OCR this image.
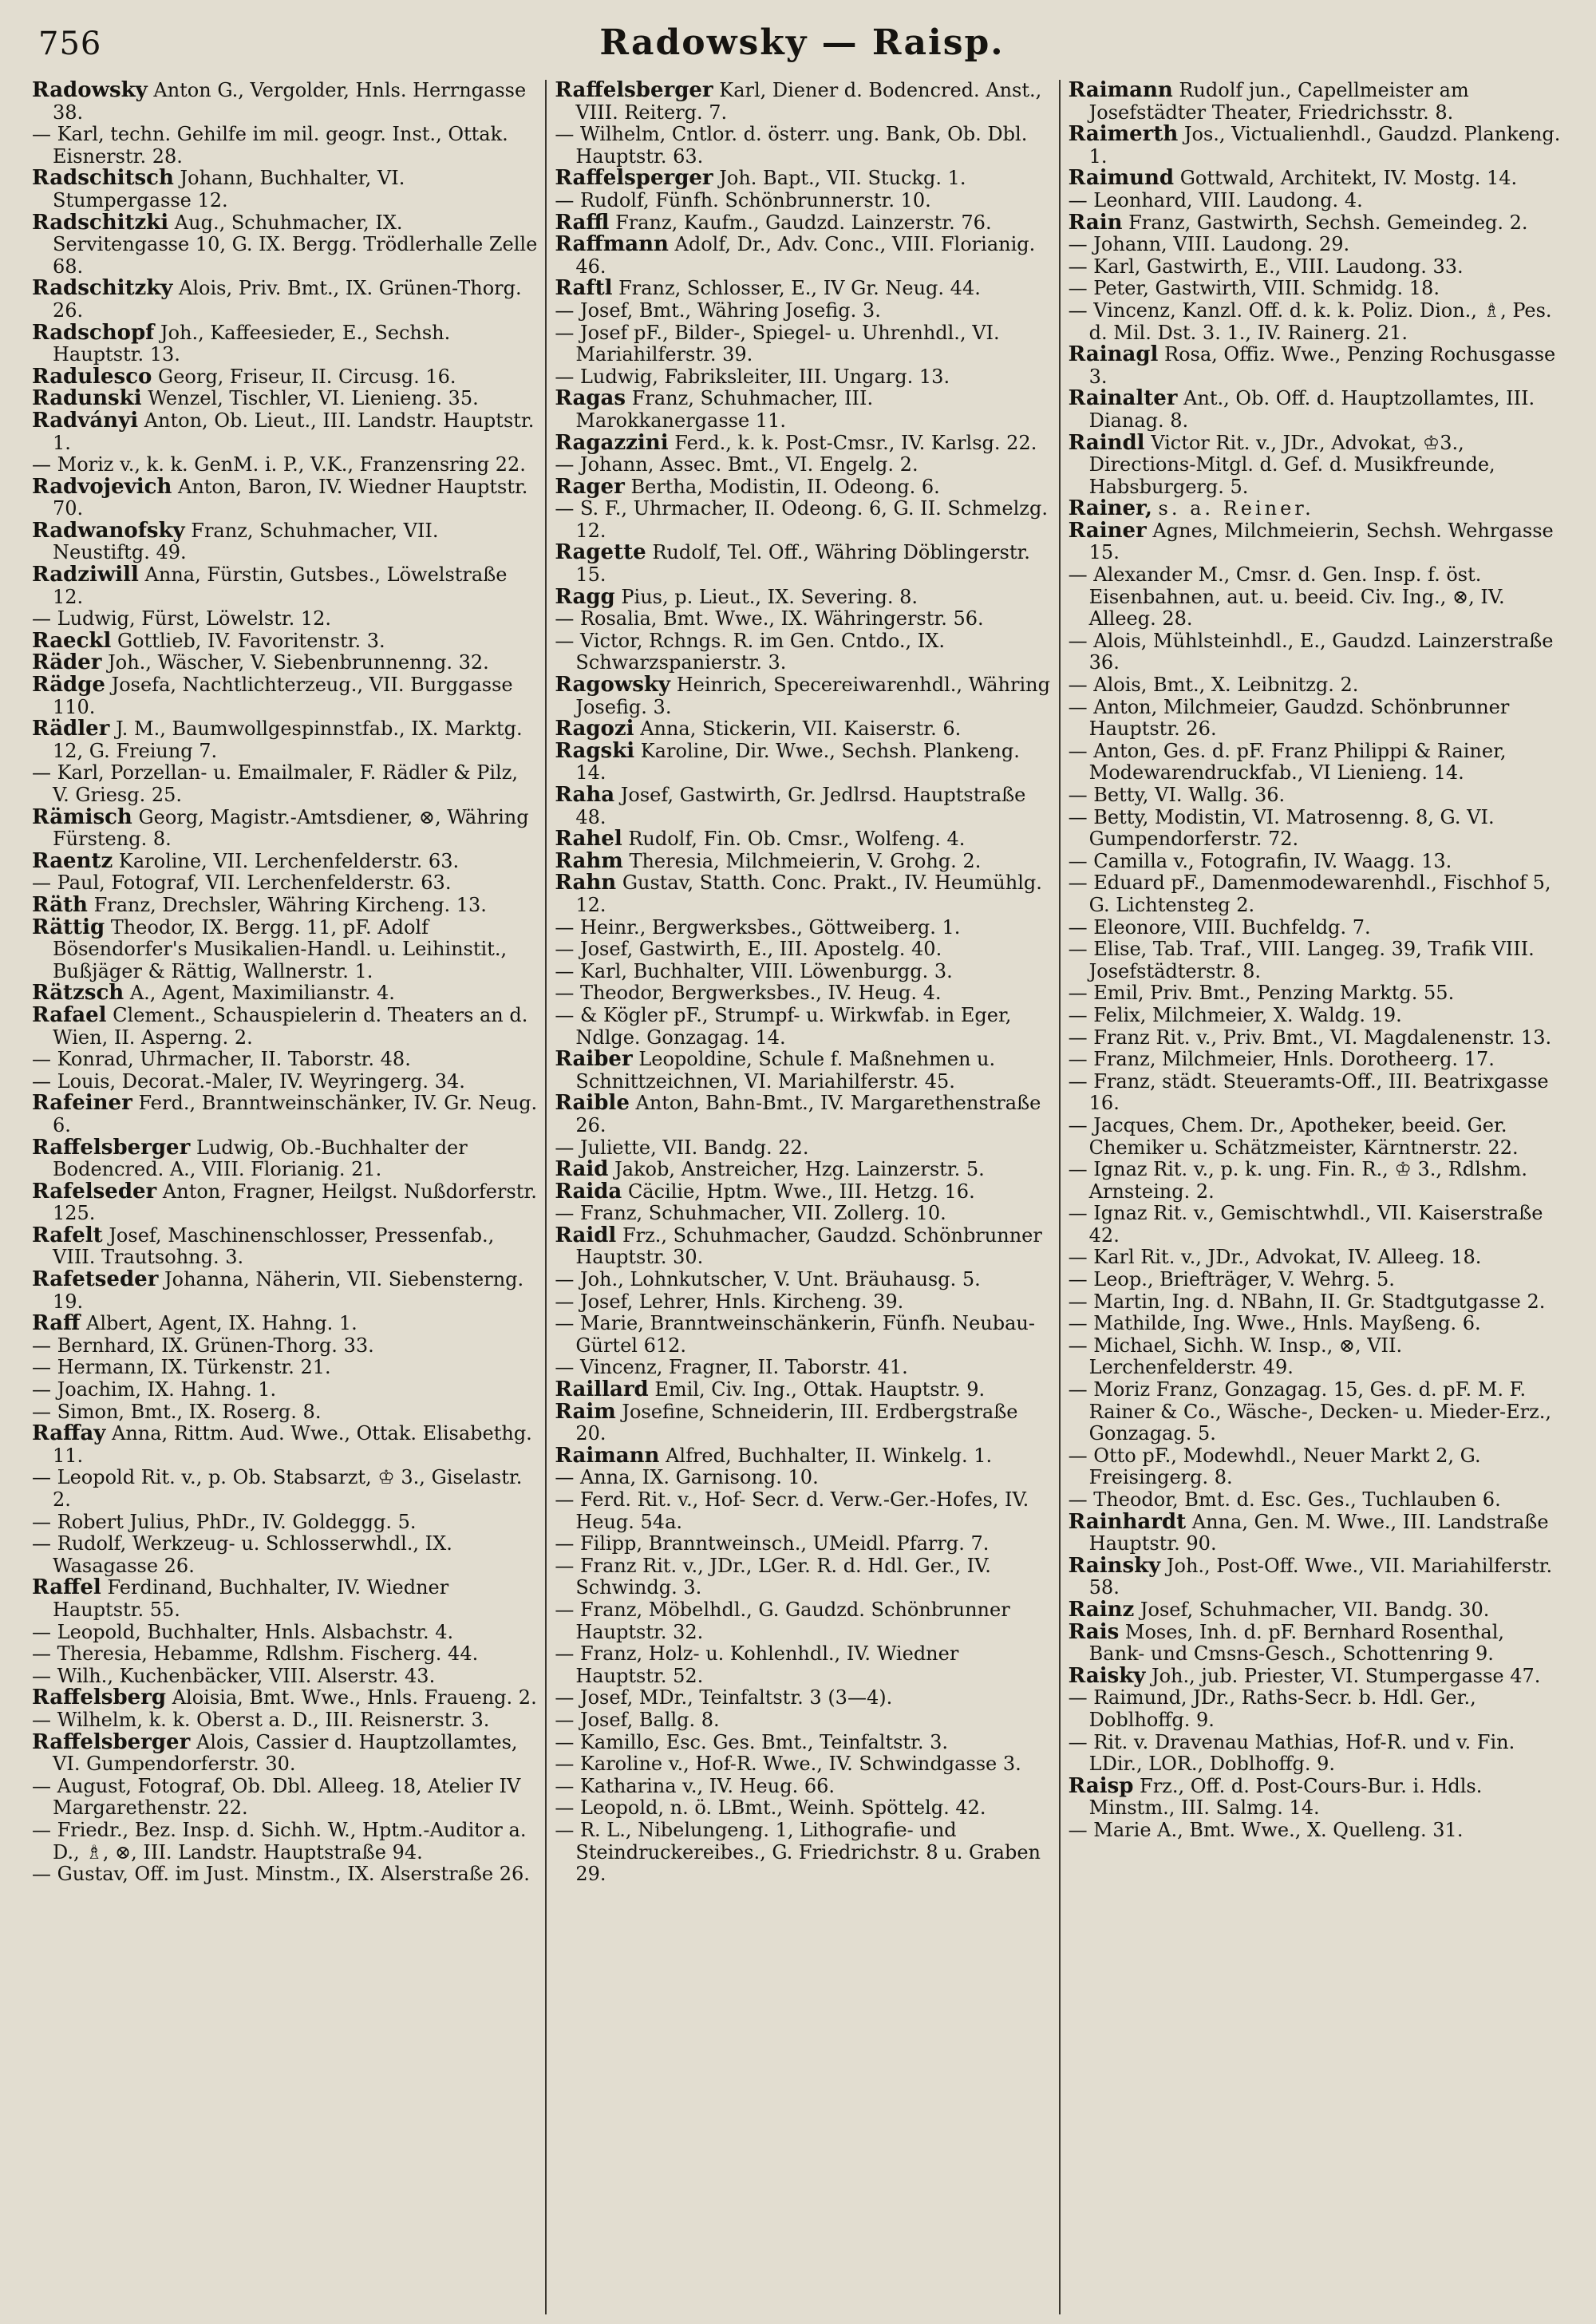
756	Radowsky — Raisp.

Radowsky Anton G., Vergolder, Hnls. Herrngasse 38.

— Karl, techn. Gehilfe im mil. geogr. Inst., Ottak. Eisnerstr. 28.

Radschitsch Johann, Buchhalter, VI. Stumpergasse 12.

Radschitzki Aug., Schuhmacher, IX. Servitengasse 10, G. IX. Bergg. Trödlerhalle Zelle 68.

Radschitzky Alois, Priv. Bmt., IX. Grünen-Thorg. 26.

Radschopf Joh., Kaffeesieder, E., Sechsh. Hauptstr. 13.

Radulesco Georg, Friseur, II. Circusg. 16.

Radunski Wenzel, Tischler, VI. Lienieng. 35.

Radványi Anton, Ob. Lieut., III. Landstr. Hauptstr. 1.

— Moriz v., k. k. GenM. i. P., V.K., Franzensring 22.

Radvojevich Anton, Baron, IV. Wiedner Hauptstr. 70.

Radwanofsky Franz, Schuhmacher, VII. Neustiftg. 49.

Radziwill Anna, Fürstin, Gutsbes., Löwelstraße 12.

— Ludwig, Fürst, Löwelstr. 12.

Raeckl Gottlieb, IV. Favoritenstr. 3.

Räder Joh., Wäscher, V. Siebenbrunnenng. 32.

Rädge Josefa, Nachtlichterzeug., VII. Burggasse 110.

Rädler J. M., Baumwollgespinnstfab., IX. Marktg. 12, G. Freiung 7.

— Karl, Porzellan- u. Emailmaler, F. Rädler & Pilz, V. Griesg. 25.

Rämisch Georg, Magistr.-Amtsdiener, ⊗, Währing Fürsteng. 8.

Raentz Karoline, VII. Lerchenfelderstr. 63.

— Paul, Fotograf, VII. Lerchenfelderstr. 63.

Räth Franz, Drechsler, Währing Kircheng. 13.

Rättig Theodor, IX. Bergg. 11, pF. Adolf Bösendorfer's Musikalien-Handl. u. Leihinstit., Bußjäger & Rättig, Wallnerstr. 1.

Rätzsch A., Agent, Maximilianstr. 4.

Rafael Clement., Schauspielerin d. Theaters an d. Wien, II. Asperng. 2.

— Konrad, Uhrmacher, II. Taborstr. 48.

— Louis, Decorat.-Maler, IV. Weyringerg. 34.

Rafeiner Ferd., Branntweinschänker, IV. Gr. Neug. 6.

Raffelsberger Ludwig, Ob.-Buchhalter der Bodencred. A., VIII. Florianig. 21.

Rafelseder Anton, Fragner, Heilgst. Nußdorferstr. 125.

Rafelt Josef, Maschinenschlosser, Pressenfab., VIII. Trautsohng. 3.

Rafetseder Johanna, Näherin, VII. Siebensterng. 19.

Raff Albert, Agent, IX. Hahng. 1.

— Bernhard, IX. Grünen-Thorg. 33.

— Hermann, IX. Türkenstr. 21.

— Joachim, IX. Hahng. 1.

— Simon, Bmt., IX. Roserg. 8.

Raffay Anna, Rittm. Aud. Wwe., Ottak. Elisabethg. 11.

— Leopold Rit. v., p. Ob. Stabsarzt, ♔ 3., Giselastr. 2.

— Robert Julius, PhDr., IV. Goldeggg. 5.

— Rudolf, Werkzeug- u. Schlosserwhdl., IX. Wasagasse 26.

Raffel Ferdinand, Buchhalter, IV. Wiedner Hauptstr. 55.

— Leopold, Buchhalter, Hnls. Alsbachstr. 4.

— Theresia, Hebamme, Rdlshm. Fischerg. 44.

— Wilh., Kuchenbäcker, VIII. Alserstr. 43.

Raffelsberg Aloisia, Bmt. Wwe., Hnls. Fraueng. 2.

— Wilhelm, k. k. Oberst a. D., III. Reisnerstr. 3.

Raffelsberger Alois, Cassier d. Hauptzollamtes, VI. Gumpendorferstr. 30.

— August, Fotograf, Ob. Dbl. Alleeg. 18, Atelier IV Margarethenstr. 22.

— Friedr., Bez. Insp. d. Sichh. W., Hptm.-Auditor a. D., ♗, ⊗, III. Landstr. Hauptstraße 94.

— Gustav, Off. im Just. Minstm., IX. Alserstraße 26.

Raffelsberger Karl, Diener d. Bodencred. Anst., VIII. Reiterg. 7.

— Wilhelm, Cntlor. d. österr. ung. Bank, Ob. Dbl. Hauptstr. 63.

Raffelsperger Joh. Bapt., VII. Stuckg. 1.

— Rudolf, Fünfh. Schönbrunnerstr. 10.

Raffl Franz, Kaufm., Gaudzd. Lainzerstr. 76.

Raffmann Adolf, Dr., Adv. Conc., VIII. Florianig. 46.

Raftl Franz, Schlosser, E., IV Gr. Neug. 44.

— Josef, Bmt., Währing Josefig. 3.

— Josef pF., Bilder-, Spiegel- u. Uhrenhdl., VI. Mariahilferstr. 39.

— Ludwig, Fabriksleiter, III. Ungarg. 13.

Ragas Franz, Schuhmacher, III. Marokkanergasse 11.

Ragazzini Ferd., k. k. Post-Cmsr., IV. Karlsg. 22.

— Johann, Assec. Bmt., VI. Engelg. 2.

Rager Bertha, Modistin, II. Odeong. 6.

— S. F., Uhrmacher, II. Odeong. 6, G. II. Schmelzg. 12.

Ragette Rudolf, Tel. Off., Währing Döblingerstr. 15.

Ragg Pius, p. Lieut., IX. Severing. 8.

— Rosalia, Bmt. Wwe., IX. Währingerstr. 56.

— Victor, Rchngs. R. im Gen. Cntdo., IX. Schwarzspanierstr. 3.

Ragowsky Heinrich, Specereiwarenhdl., Währing Josefig. 3.

Ragozi Anna, Stickerin, VII. Kaiserstr. 6.

Ragski Karoline, Dir. Wwe., Sechsh. Plankeng. 14.

Raha Josef, Gastwirth, Gr. Jedlrsd. Hauptstraße 48.

Rahel Rudolf, Fin. Ob. Cmsr., Wolfeng. 4.

Rahm Theresia, Milchmeierin, V. Grohg. 2.

Rahn Gustav, Statth. Conc. Prakt., IV. Heumühlg. 12.

— Heinr., Bergwerksbes., Göttweiberg. 1.

— Josef, Gastwirth, E., III. Apostelg. 40.

— Karl, Buchhalter, VIII. Löwenburgg. 3.

— Theodor, Bergwerksbes., IV. Heug. 4.

— & Kögler pF., Strumpf- u. Wirkwfab. in Eger, Ndlge. Gonzagag. 14.

Raiber Leopoldine, Schule f. Maßnehmen u. Schnittzeichnen, VI. Mariahilferstr. 45.

Raible Anton, Bahn-Bmt., IV. Margarethenstraße 26.

— Juliette, VII. Bandg. 22.

Raid Jakob, Anstreicher, Hzg. Lainzerstr. 5.

Raida Cäcilie, Hptm. Wwe., III. Hetzg. 16.

— Franz, Schuhmacher, VII. Zollerg. 10.

Raidl Frz., Schuhmacher, Gaudzd. Schönbrunner Hauptstr. 30.

— Joh., Lohnkutscher, V. Unt. Bräuhausg. 5.

— Josef, Lehrer, Hnls. Kircheng. 39.

— Marie, Branntweinschänkerin, Fünfh. Neubau-Gürtel 612.

— Vincenz, Fragner, II. Taborstr. 41.

Raillard Emil, Civ. Ing., Ottak. Hauptstr. 9.

Raim Josefine, Schneiderin, III. Erdbergstraße 20.

Raimann Alfred, Buchhalter, II. Winkelg. 1.

— Anna, IX. Garnisong. 10.

— Ferd. Rit. v., Hof- Secr. d. Verw.-Ger.-Hofes, IV. Heug. 54a.

— Filipp, Branntweinsch., UMeidl. Pfarrg. 7.

— Franz Rit. v., JDr., LGer. R. d. Hdl. Ger., IV. Schwindg. 3.

— Franz, Möbelhdl., G. Gaudzd. Schönbrunner Hauptstr. 32.

— Franz, Holz- u. Kohlenhdl., IV. Wiedner Hauptstr. 52.

— Josef, MDr., Teinfaltstr. 3 (3—4).

— Josef, Ballg. 8.

— Kamillo, Esc. Ges. Bmt., Teinfaltstr. 3.

— Karoline v., Hof-R. Wwe., IV. Schwindgasse 3.

— Katharina v., IV. Heug. 66.

— Leopold, n. ö. LBmt., Weinh. Spöttelg. 42.

— R. L., Nibelungeng. 1, Lithografie- und Steindruckereibes., G. Friedrichstr. 8 u. Graben 29.

Raimann Rudolf jun., Capellmeister am Josefstädter Theater, Friedrichsstr. 8.

Raimerth Jos., Victualienhdl., Gaudzd. Plankeng. 1.

Raimund Gottwald, Architekt, IV. Mostg. 14.

— Leonhard, VIII. Laudong. 4.

Rain Franz, Gastwirth, Sechsh. Gemeindeg. 2.

— Johann, VIII. Laudong. 29.

— Karl, Gastwirth, E., VIII. Laudong. 33.

— Peter, Gastwirth, VIII. Schmidg. 18.

— Vincenz, Kanzl. Off. d. k. k. Poliz. Dion., ♗, Pes. d. Mil. Dst. 3. 1., IV. Rainerg. 21.

Rainagl Rosa, Offiz. Wwe., Penzing Rochusgasse 3.

Rainalter Ant., Ob. Off. d. Hauptzollamtes, III. Dianag. 8.

Raindl Victor Rit. v., JDr., Advokat, ♔3., Directions-Mitgl. d. Gef. d. Musikfreunde, Habsburgerg. 5.

Rainer, s. a. Reiner.

Rainer Agnes, Milchmeierin, Sechsh. Wehrgasse 15.

— Alexander M., Cmsr. d. Gen. Insp. f. öst. Eisenbahnen, aut. u. beeid. Civ. Ing., ⊗, IV. Alleeg. 28.

— Alois, Mühlsteinhdl., E., Gaudzd. Lainzerstraße 36.

— Alois, Bmt., X. Leibnitzg. 2.

— Anton, Milchmeier, Gaudzd. Schönbrunner Hauptstr. 26.

— Anton, Ges. d. pF. Franz Philippi & Rainer, Modewarendruckfab., VI Lienieng. 14.

— Betty, VI. Wallg. 36.

— Betty, Modistin, VI. Matrosenng. 8, G. VI. Gumpendorferstr. 72.

— Camilla v., Fotografin, IV. Waagg. 13.

— Eduard pF., Damenmodewarenhdl., Fischhof 5, G. Lichtensteg 2.

— Eleonore, VIII. Buchfeldg. 7.

— Elise, Tab. Traf., VIII. Langeg. 39, Trafik VIII. Josefstädterstr. 8.

— Emil, Priv. Bmt., Penzing Marktg. 55.

— Felix, Milchmeier, X. Waldg. 19.

— Franz Rit. v., Priv. Bmt., VI. Magdalenenstr. 13.

— Franz, Milchmeier, Hnls. Dorotheerg. 17.

— Franz, städt. Steueramts-Off., III. Beatrixgasse 16.

— Jacques, Chem. Dr., Apotheker, beeid. Ger. Chemiker u. Schätzmeister, Kärntnerstr. 22.

— Ignaz Rit. v., p. k. ung. Fin. R., ♔ 3., Rdlshm. Arnsteing. 2.

— Ignaz Rit. v., Gemischtwhdl., VII. Kaiserstraße 42.

— Karl Rit. v., JDr., Advokat, IV. Alleeg. 18.

— Leop., Briefträger, V. Wehrg. 5.

— Martin, Ing. d. NBahn, II. Gr. Stadtgutgasse 2.

— Mathilde, Ing. Wwe., Hnls. Mayßeng. 6.

— Michael, Sichh. W. Insp., ⊗, VII. Lerchenfelderstr. 49.

— Moriz Franz, Gonzagag. 15, Ges. d. pF. M. F. Rainer & Co., Wäsche-, Decken- u. Mieder-Erz., Gonzagag. 5.

— Otto pF., Modewhdl., Neuer Markt 2, G. Freisingerg. 8.

— Theodor, Bmt. d. Esc. Ges., Tuchlauben 6.

Rainhardt Anna, Gen. M. Wwe., III. Landstraße Hauptstr. 90.

Rainsky Joh., Post-Off. Wwe., VII. Mariahilferstr. 58.

Rainz Josef, Schuhmacher, VII. Bandg. 30.

Rais Moses, Inh. d. pF. Bernhard Rosenthal, Bank- und Cmsns-Gesch., Schottenring 9.

Raisky Joh., jub. Priester, VI. Stumpergasse 47.

— Raimund, JDr., Raths-Secr. b. Hdl. Ger., Doblhoffg. 9.

— Rit. v. Dravenau Mathias, Hof-R. und v. Fin. LDir., LOR., Doblhoffg. 9.

Raisp Frz., Off. d. Post-Cours-Bur. i. Hdls. Minstm., III. Salmg. 14.

— Marie A., Bmt. Wwe., X. Quelleng. 31.
